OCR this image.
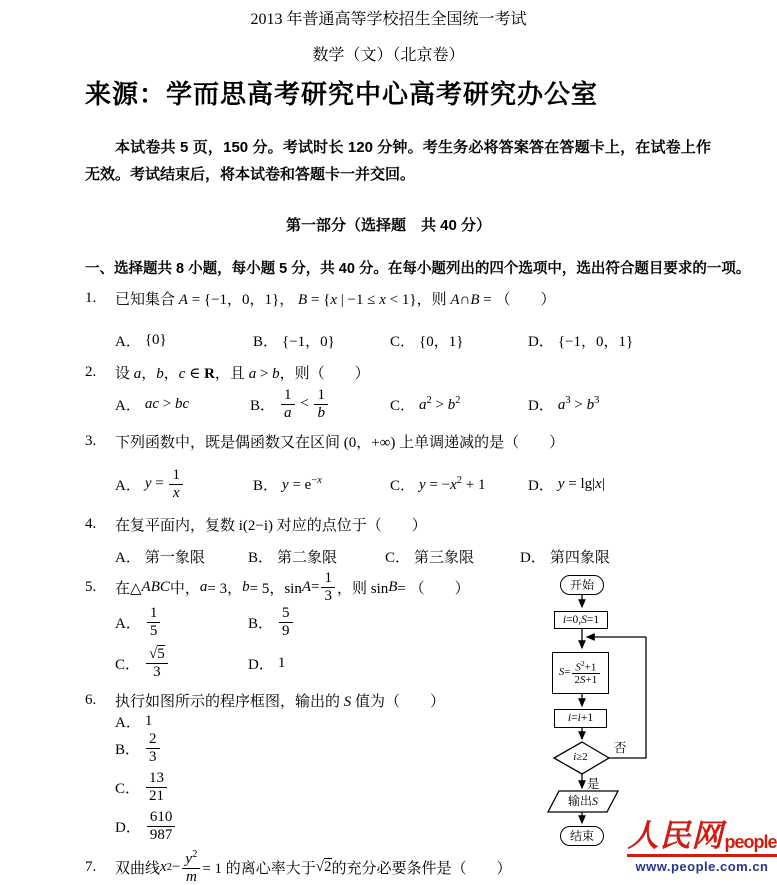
2013 年普通高等学校招生全国统一考试
数学（文）（北京卷）
来源：学而思高考研究中心高考研究办公室
本试卷共 5 页，150 分。考试时长 120 分钟。考生务必将答案答在答题卡上，在试卷上作无效。考试结束后，将本试卷和答题卡一并交回。
第一部分（选择题　共 40 分）
一、选择题共 8 小题，每小题 5 分，共 40 分。在每小题列出的四个选项中，选出符合题目要求的一项。
1.	已知集合 A = {−1，0，1}， B = {x | −1 ≤ x < 1}，则 A∩B = （  ）
A． {0}	B． {−1，0}	C． {0，1}	D． {−1，0，1}
2.	设 a，b，c ∈ R，且 a > b，则（  ）
A． ac > bc	B． $\frac{1}{a} < \frac{1}{b}$	C． $a^2 > b^2$	D． $a^3 > b^3$
3.	下列函数中，既是偶函数又在区间 (0，+∞) 上单调递减的是（  ）
A． $y = \frac{1}{x}$	B． $y = e^{-x}$	C． $y = -x^2 + 1$	D． y = lg|x|
4.	在复平面内，复数 i(2−i) 对应的点位于（  ）
A． 第一象限	B． 第二象限	C． 第三象限	D． 第四象限
5.	在△ ABC 中， a = 3， b = 5，$\sin A = \frac{1}{3}$ ，则 sin B = （  ）
A． $\frac{1}{5}$	B． $\frac{5}{9}$
C． $\frac{√5}{3}$	D． 1
6.	执行如图所示的程序框图，输出的 S 值为（  ）
A． 1
B． $\frac{2}{3}$
C． $\frac{13}{21}$
D． $\frac{610}{987}$
7.	双曲线 x $2 - \frac{y^2}{m} = 1$ 的离心率大于 √2 的充分必要条件是（  ）
开始
i =0, S =1
$S= \frac{S^2+1}{2S+1}$
i = i +1
i ≥2
否
是
输出 S
结束	人民网 people
www.people.com.cn
